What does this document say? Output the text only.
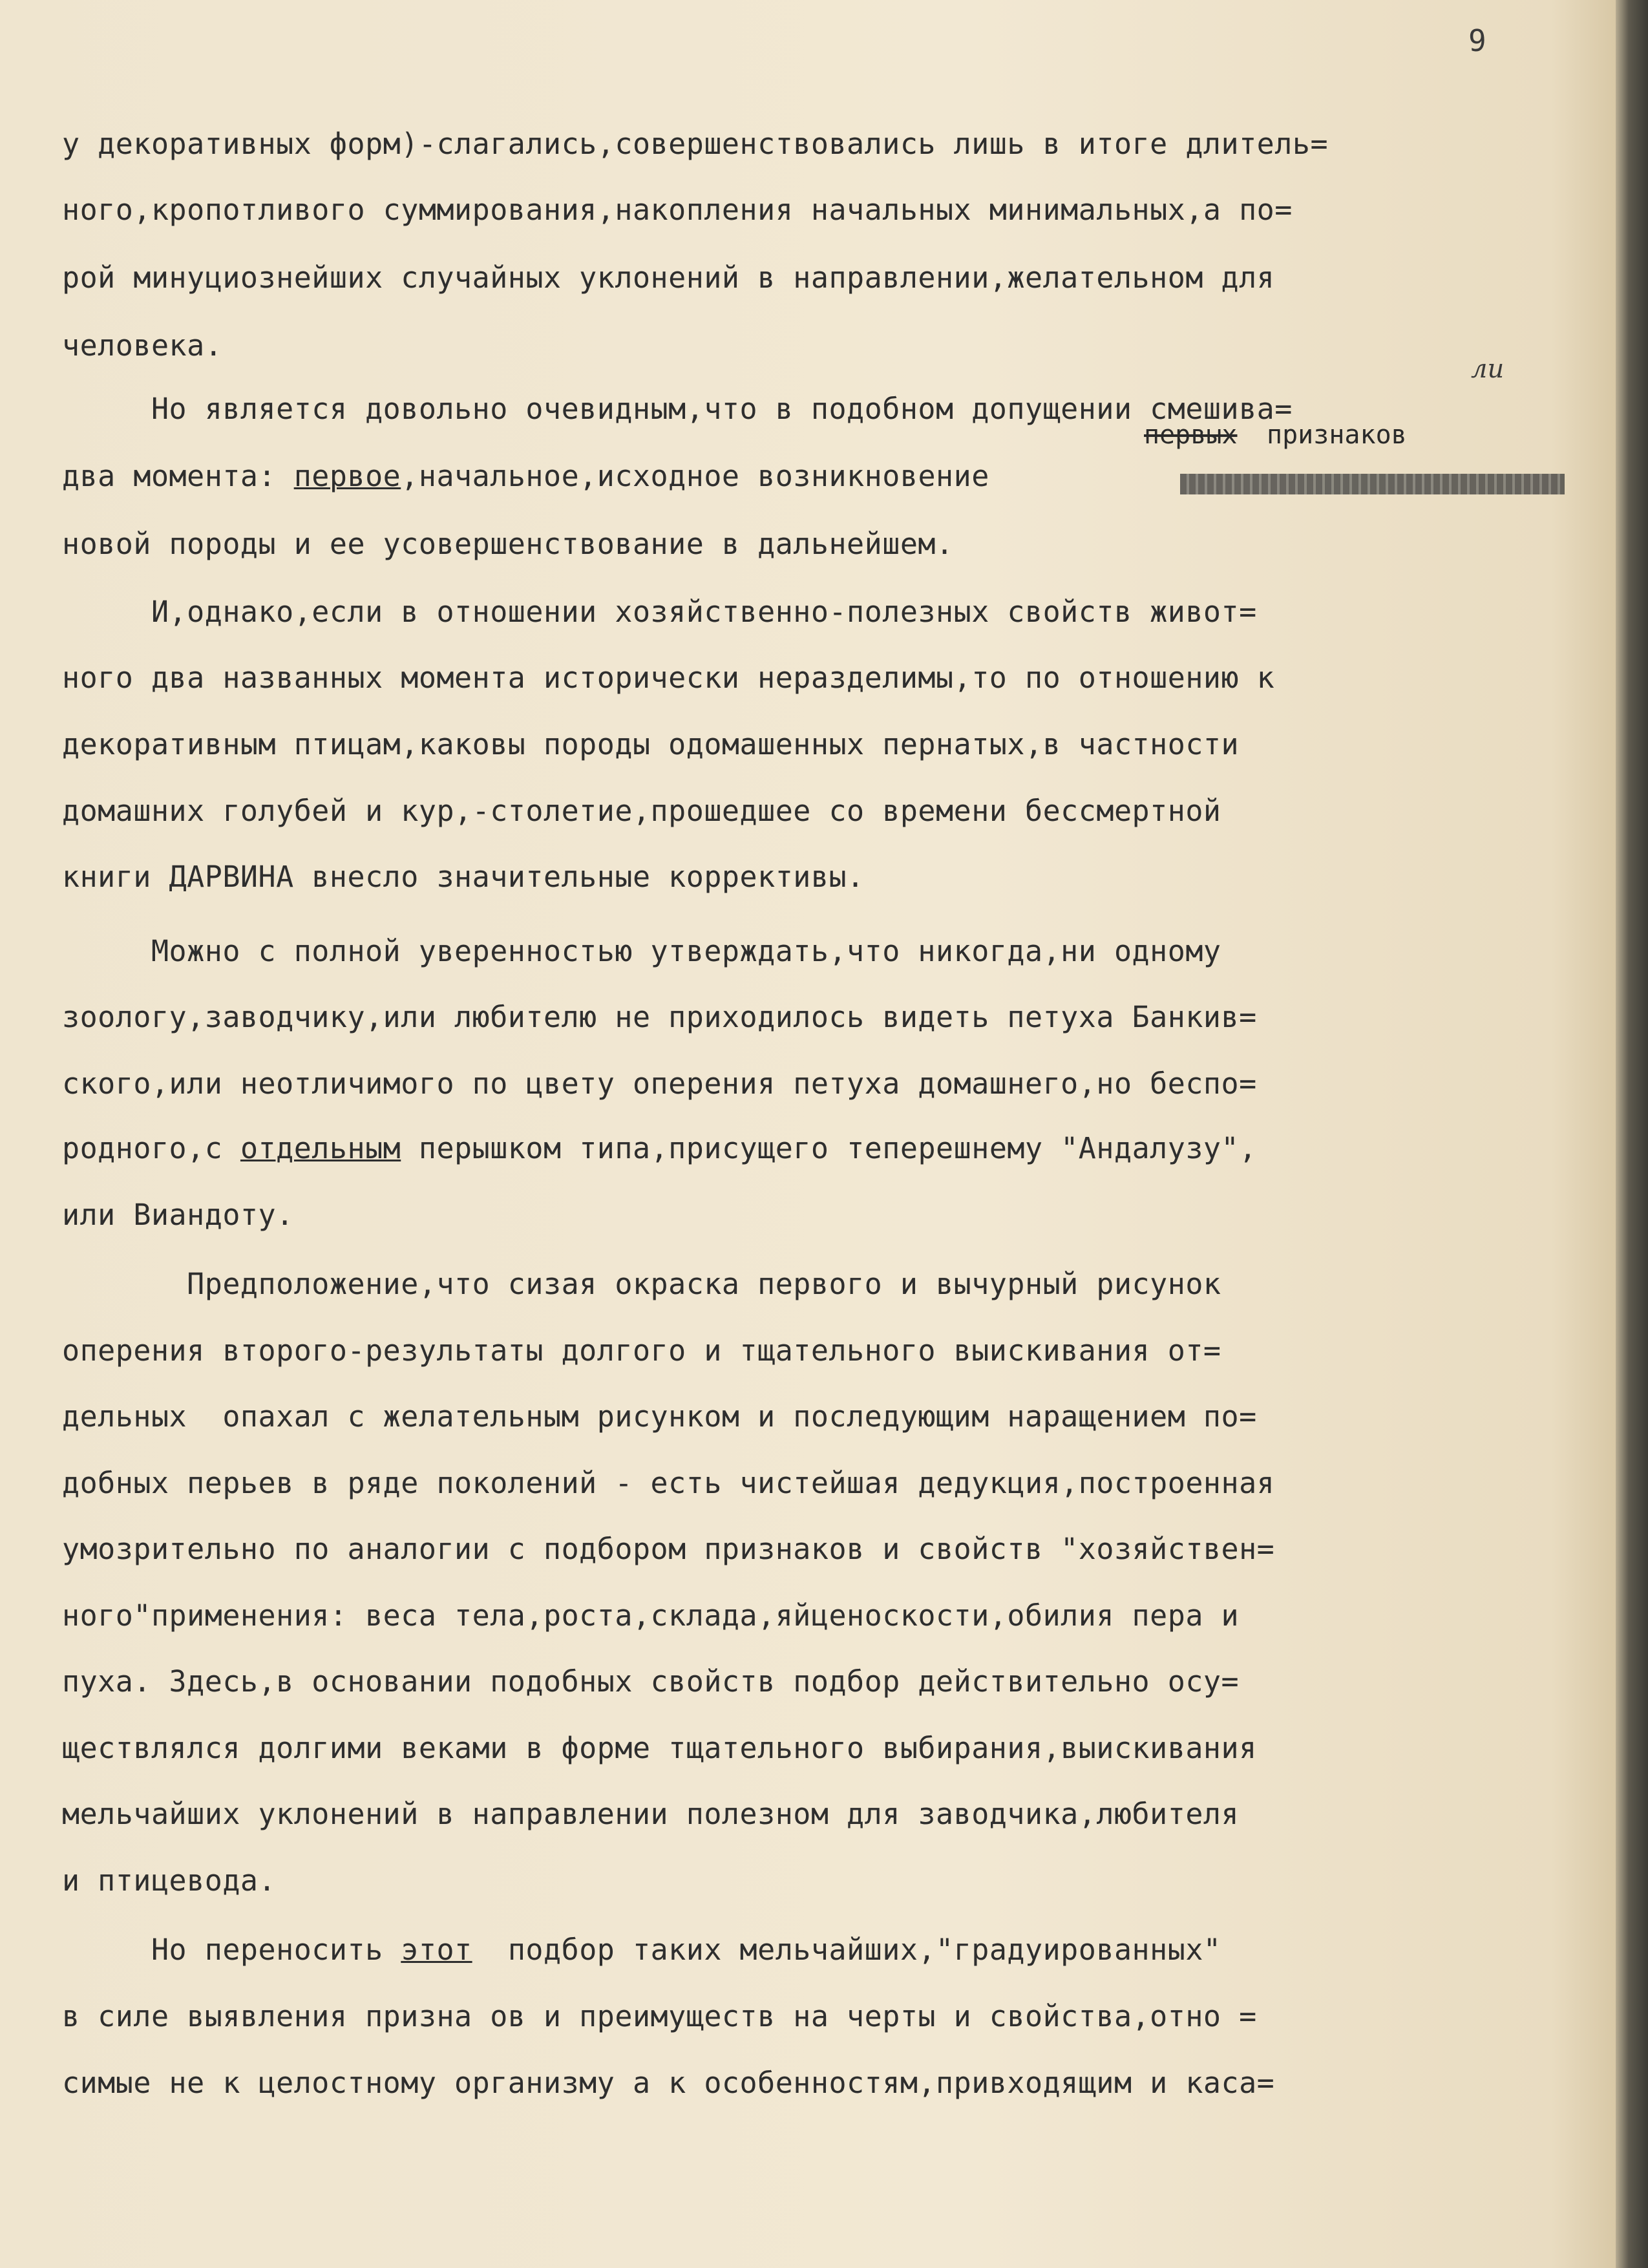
9
ли
первых признаков

у декоративных форм)-слагались,совершенствовались лишь в итоге длитель=

ного,кропотливого суммирования,накопления начальных минимальных,а по=

рой минуциознейших случайных уклонений в направлении,желательном для

человека.

Но является довольно очевидным,что в подобном допущении смешива=

два момента: первое,начальное,исходное возникновение

новой породы и ее усовершенствование в дальнейшем.

И,однако,если в отношении хозяйственно-полезных свойств живот=

ного два названных момента исторически неразделимы,то по отношению к

декоративным птицам,каковы породы одомашенных пернатых,в частности

домашних голубей и кур,-столетие,прошедшее со времени бессмертной

книги ДАРВИНА внесло значительные коррективы.

Можно с полной уверенностью утверждать,что никогда,ни одному

зоологу,заводчику,или любителю не приходилось видеть петуха Банкив=

ского,или неотличимого по цвету оперения петуха домашнего,но беспо=

родного,с отдельным перышком типа,присущего теперешнему "Андалузу",

или Виандоту.

Предположение,что сизая окраска первого и вычурный рисунок

оперения второго-результаты долгого и тщательного выискивания от=

дельных  опахал с желательным рисунком и последующим наращением по=

добных перьев в ряде поколений - есть чистейшая дедукция,построенная

умозрительно по аналогии с подбором признаков и свойств "хозяйствен=

ного"применения: веса тела,роста,склада,яйценоскости,обилия пера и

пуха. Здесь,в основании подобных свойств подбор действительно осу=

ществлялся долгими веками в форме тщательного выбирания,выискивания

мельчайших уклонений в направлении полезном для заводчика,любителя

и птицевода.

Но переносить этот  подбор таких мельчайших,"градуированных"

в силе выявления призна ов и преимуществ на черты и свойства,отно =

симые не к целостному организму а к особенностям,привходящим и каса=
